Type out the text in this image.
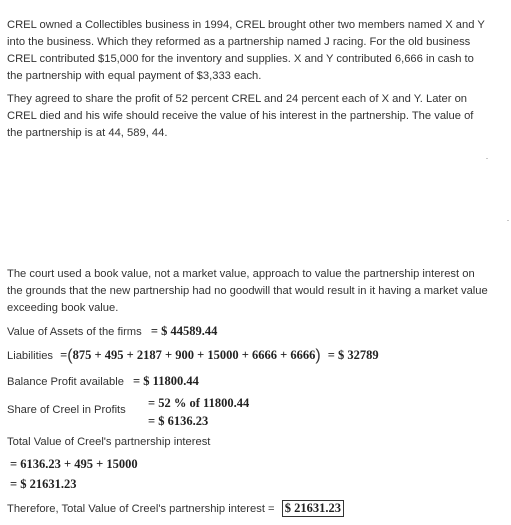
CREL owned a Collectibles business in 1994, CREL brought other two members named X and Y
into the business. Which they reformed as a partnership named J racing. For the old business
CREL contributed $15,000 for the inventory and supplies. X and Y contributed 6,666 in cash to
the partnership with equal payment of $3,333 each.

They agreed to share the profit of 52 percent CREL and 24 percent each of X and Y. Later on
CREL died and his wife should receive the value of his interest in the partnership. The value of
the partnership is at 44, 589, 44.

The court used a book value, not a market value, approach to value the partnership interest on
the grounds that the new partnership had no goodwill that would result in it having a market value
exceeding book value.

Value of Assets of the firms = $ 44589.44
Liabilities =(875 + 495 + 2187 + 900 + 15000 + 6666 + 6666) = $ 32789
Balance Profit available = $ 11800.44
Share of Creel in Profits = 52 % of 11800.44
= $ 6136.23
Total Value of Creel's partnership interest
= 6136.23 + 495 + 15000
= $ 21631.23
Therefore, Total Value of Creel's partnership interest = $ 21631.23
